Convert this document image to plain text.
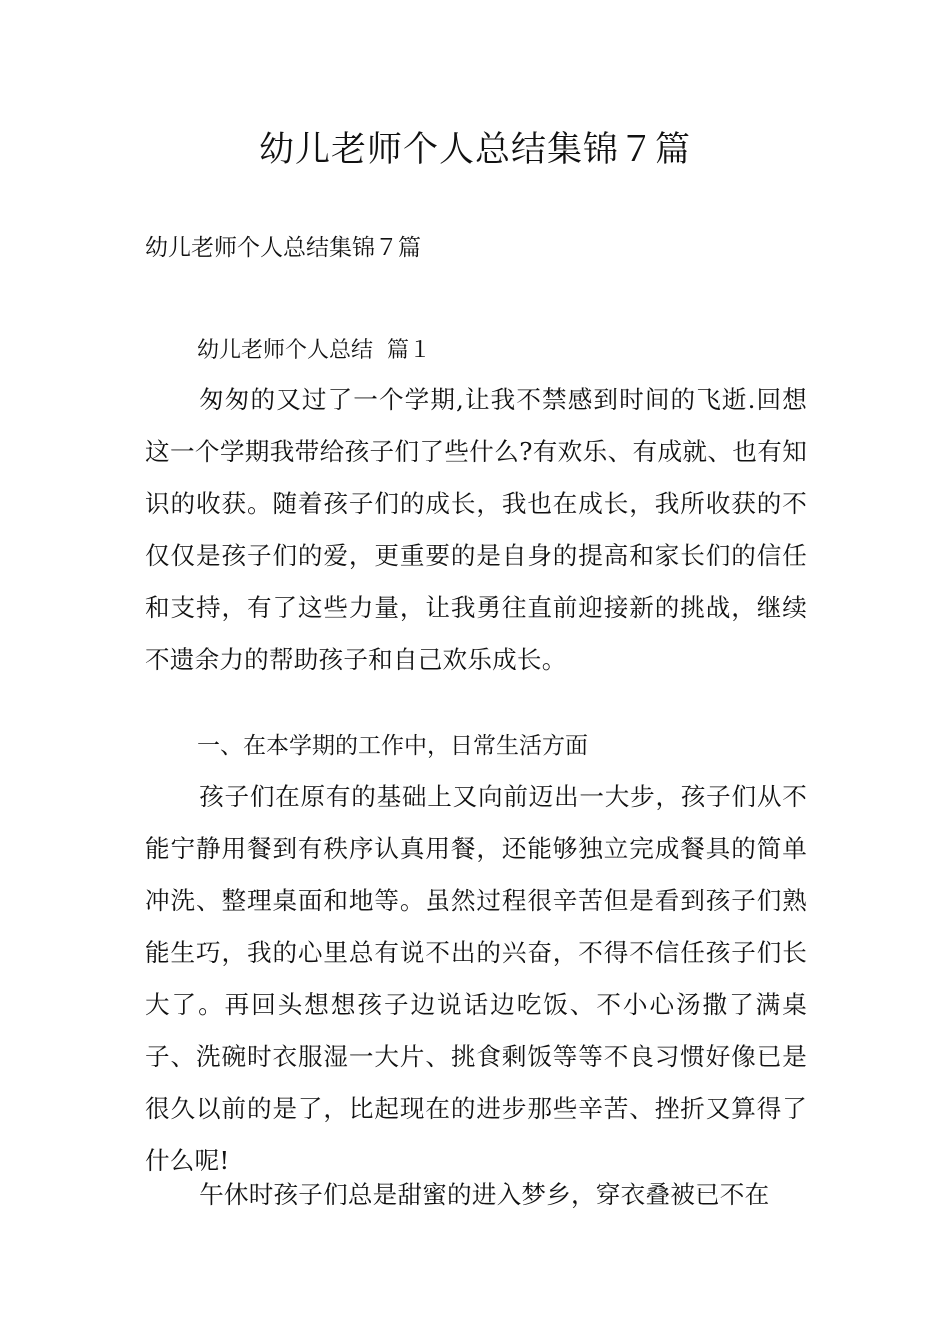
幼儿老师个人总结集锦７篇

幼儿老师个人总结集锦７篇

幼儿老师个人总结  篇１

匆匆的又过了一个学期,让我不禁感到时间的飞逝.回想这一个学期我带给孩子们了些什么?有欢乐、有成就、也有知识的收获。随着孩子们的成长，我也在成长，我所收获的不仅仅是孩子们的爱，更重要的是自身的提高和家长们的信任和支持，有了这些力量，让我勇往直前迎接新的挑战，继续不遗余力的帮助孩子和自己欢乐成长。

一、在本学期的工作中，日常生活方面

孩子们在原有的基础上又向前迈出一大步，孩子们从不能宁静用餐到有秩序认真用餐，还能够独立完成餐具的简单冲洗、整理桌面和地等。虽然过程很辛苦但是看到孩子们熟能生巧，我的心里总有说不出的兴奋，不得不信任孩子们长大了。再回头想想孩子边说话边吃饭、不小心汤撒了满桌子、洗碗时衣服湿一大片、挑食剩饭等等不良习惯好像已是很久以前的是了，比起现在的进步那些辛苦、挫折又算得了什么呢!

午休时孩子们总是甜蜜的进入梦乡，穿衣叠被已不在
